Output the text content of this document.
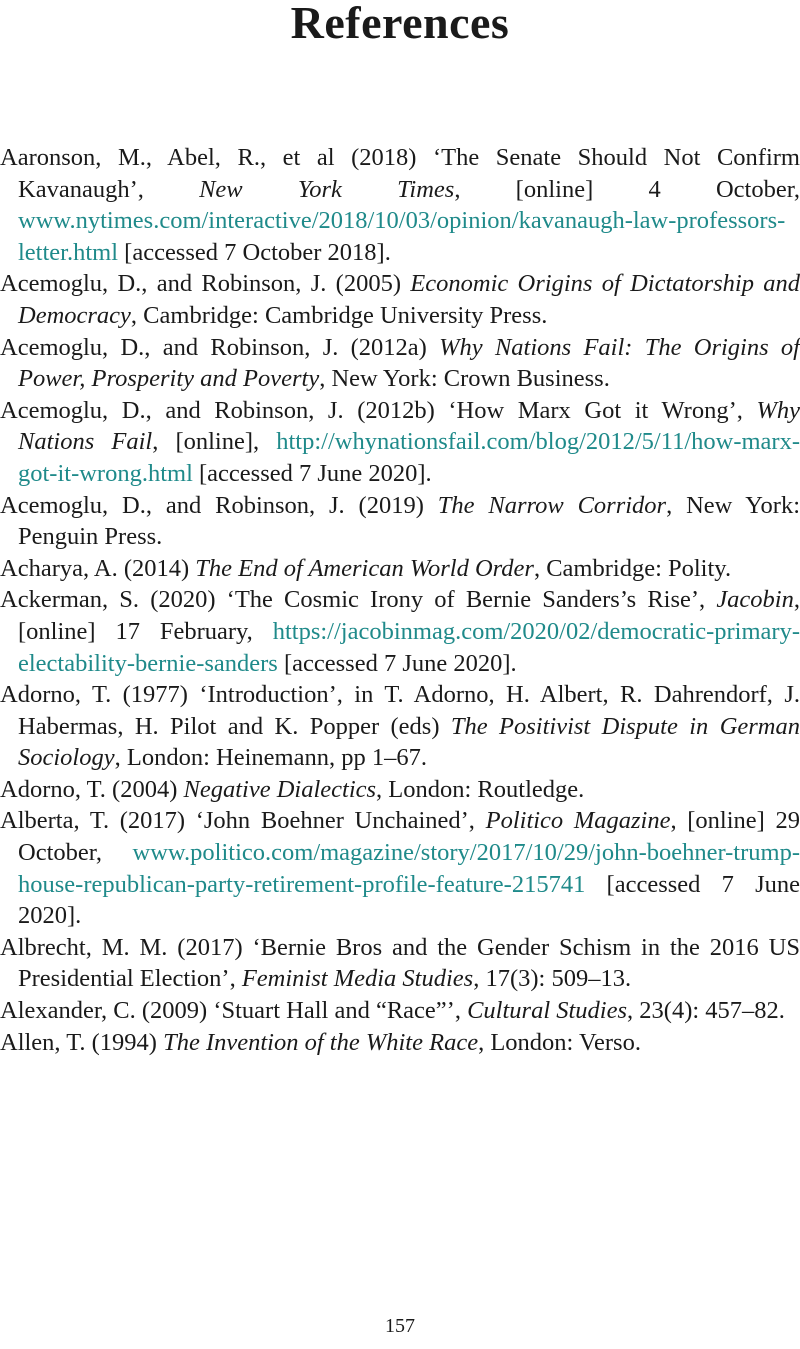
References
Aaronson, M., Abel, R., et al (2018) ‘The Senate Should Not Confirm Kavanaugh’, New York Times, [online] 4 October, www.nytimes.com/interactive/2018/10/03/opinion/kavanaugh-law-professors-letter.html [accessed 7 October 2018].
Acemoglu, D., and Robinson, J. (2005) Economic Origins of Dictatorship and Democracy, Cambridge: Cambridge University Press.
Acemoglu, D., and Robinson, J. (2012a) Why Nations Fail: The Origins of Power, Prosperity and Poverty, New York: Crown Business.
Acemoglu, D., and Robinson, J. (2012b) ‘How Marx Got it Wrong’, Why Nations Fail, [online], http://whynationsfail.com/blog/2012/5/11/how-marx-got-it-wrong.html [accessed 7 June 2020].
Acemoglu, D., and Robinson, J. (2019) The Narrow Corridor, New York: Penguin Press.
Acharya, A. (2014) The End of American World Order, Cambridge: Polity.
Ackerman, S. (2020) ‘The Cosmic Irony of Bernie Sanders’s Rise’, Jacobin, [online] 17 February, https://jacobinmag.com/2020/02/democratic-primary-electability-bernie-sanders [accessed 7 June 2020].
Adorno, T. (1977) ‘Introduction’, in T. Adorno, H. Albert, R. Dahrendorf, J. Habermas, H. Pilot and K. Popper (eds) The Positivist Dispute in German Sociology, London: Heinemann, pp 1–67.
Adorno, T. (2004) Negative Dialectics, London: Routledge.
Alberta, T. (2017) ‘John Boehner Unchained’, Politico Magazine, [online] 29 October, www.politico.com/magazine/story/2017/10/29/john-boehner-trump-house-republican-party-retirement-profile-feature-215741 [accessed 7 June 2020].
Albrecht, M. M. (2017) ‘Bernie Bros and the Gender Schism in the 2016 US Presidential Election’, Feminist Media Studies, 17(3): 509–13.
Alexander, C. (2009) ‘Stuart Hall and “Race”’, Cultural Studies, 23(4): 457–82.
Allen, T. (1994) The Invention of the White Race, London: Verso.
157
